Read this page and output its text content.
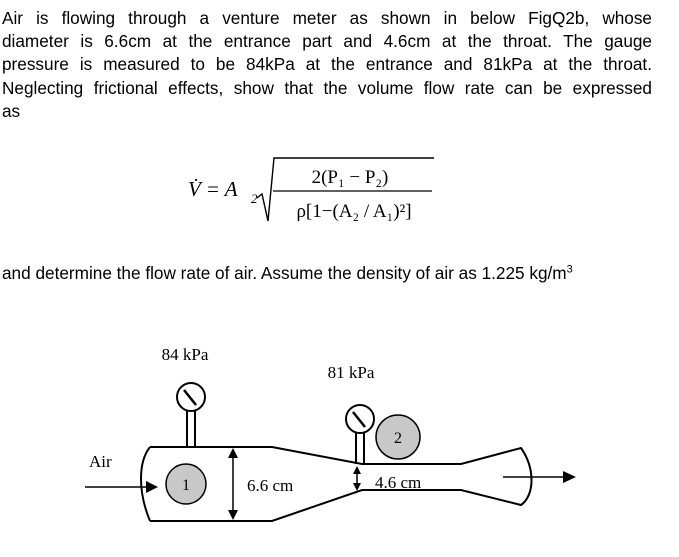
Air is flowing through a venture meter as shown in below FigQ2b, whose
diameter is 6.6cm at the entrance part and 4.6cm at the throat. The gauge
pressure is measured to be 84kPa at the entrance and 81kPa at the throat.
Neglecting frictional effects, show that the volume flow rate can be expressed
as

V̇ = A 2
2(P₁ − P₂)
ρ[1−(A₂ / A₁)²]

and determine the flow rate of air. Assume the density of air as 1.225 $kg/m^3$

84 kPa
81 kPa
1
2
6.6 cm	4.6 cm
Air
